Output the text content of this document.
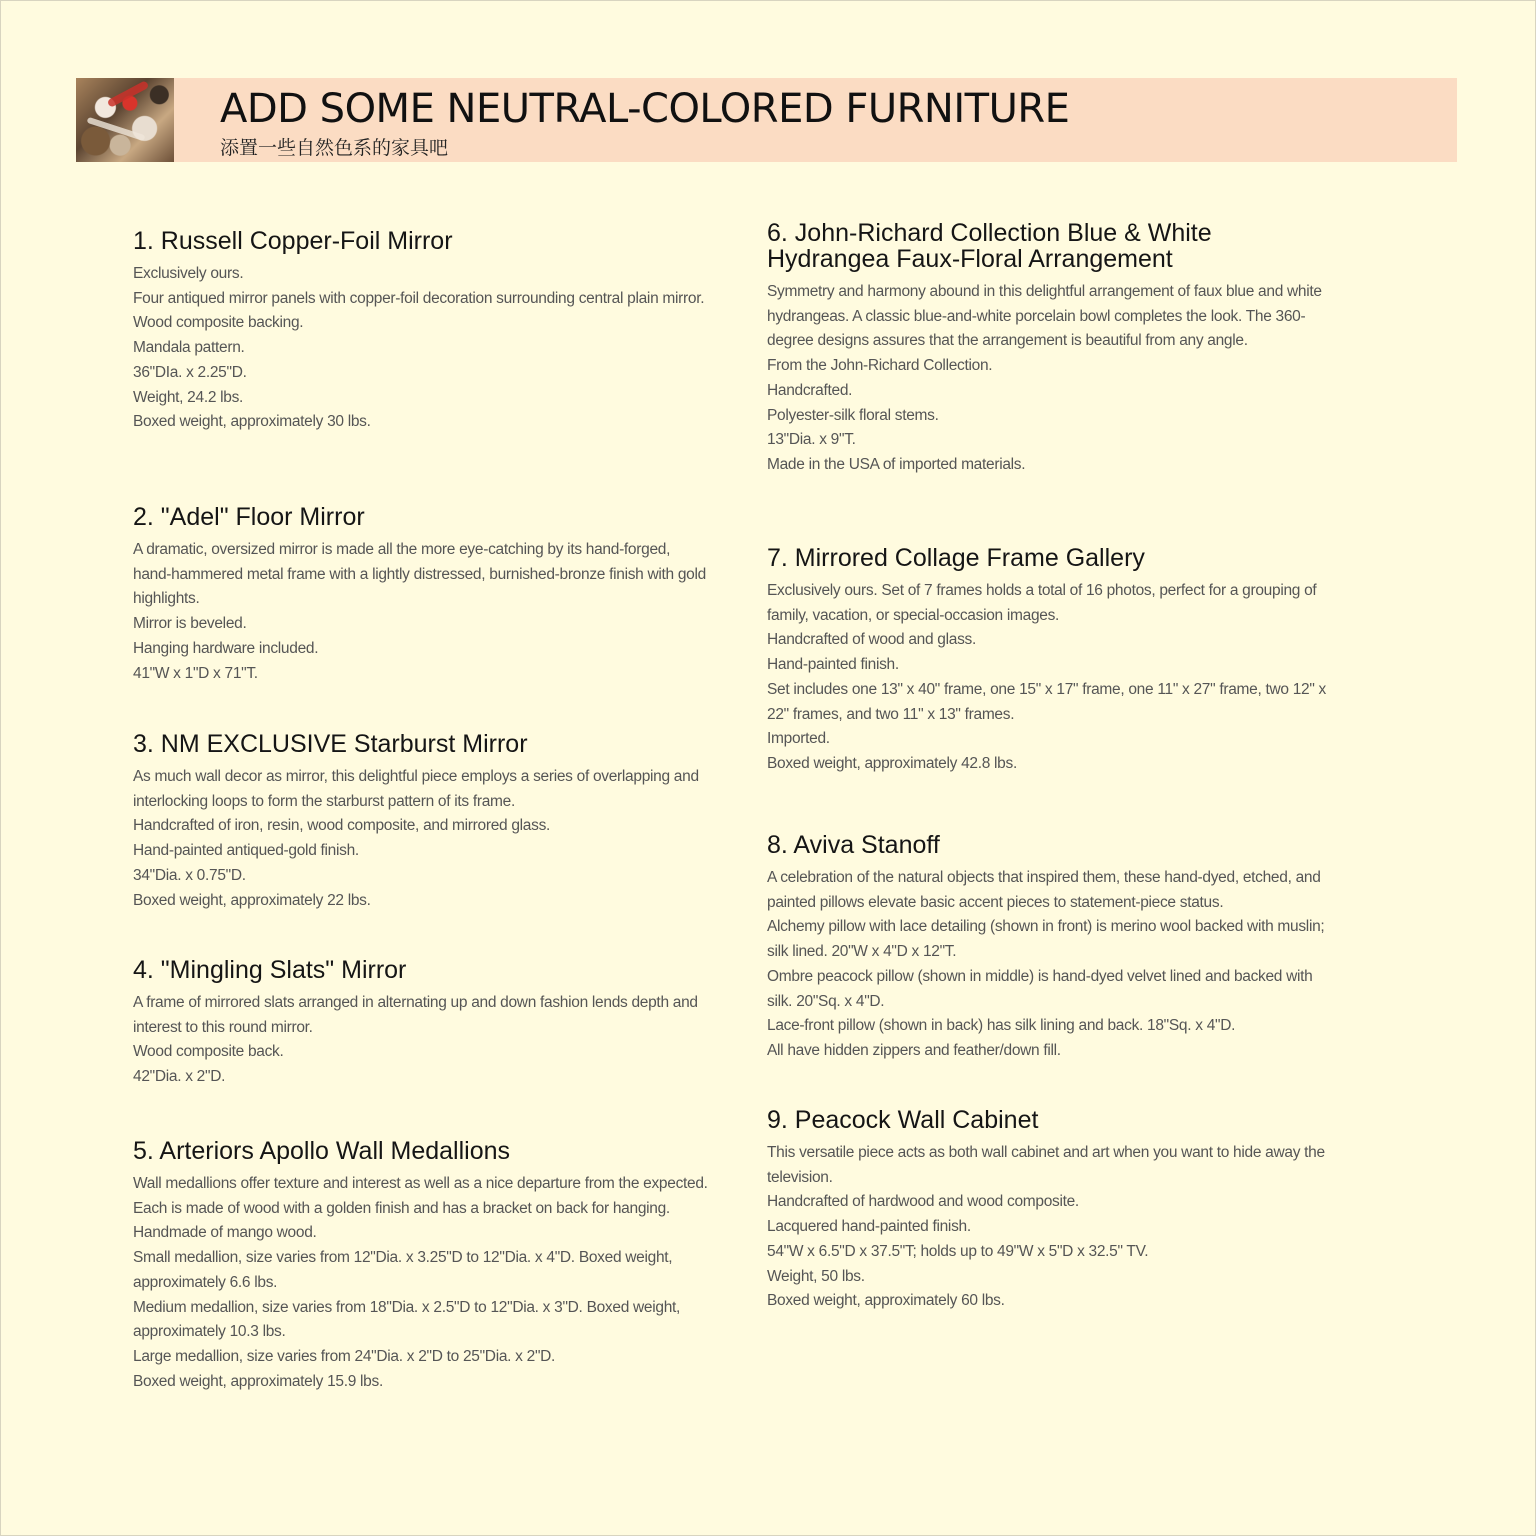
ADD SOME NEUTRAL-COLORED FURNITURE
添置一些自然色系的家具吧
1. Russell Copper-Foil Mirror
Exclusively ours.
Four antiqued mirror panels with copper-foil decoration surrounding central plain mirror.
Wood composite backing.
Mandala pattern.
36"DIa. x 2.25"D.
Weight, 24.2 lbs.
Boxed weight, approximately 30 lbs.
2. "Adel" Floor Mirror
A dramatic, oversized mirror is made all the more eye-catching by its hand-forged, hand-hammered metal frame with a lightly distressed, burnished-bronze finish with gold highlights.
Mirror is beveled.
Hanging hardware included.
41"W x 1"D x 71"T.
3. NM EXCLUSIVE Starburst Mirror
As much wall decor as mirror, this delightful piece employs a series of overlapping and interlocking loops to form the starburst pattern of its frame.
Handcrafted of iron, resin, wood composite, and mirrored glass.
Hand-painted antiqued-gold finish.
34"Dia. x 0.75"D.
Boxed weight, approximately 22 lbs.
4. "Mingling Slats" Mirror
A frame of mirrored slats arranged in alternating up and down fashion lends depth and interest to this round mirror.
Wood composite back.
42"Dia. x 2"D.
5. Arteriors Apollo Wall Medallions
Wall medallions offer texture and interest as well as a nice departure from the expected. Each is made of wood with a golden finish and has a bracket on back for hanging.
Handmade of mango wood.
Small medallion, size varies from 12"Dia. x 3.25"D to 12"Dia. x 4"D. Boxed weight, approximately 6.6 lbs.
Medium medallion, size varies from 18"Dia. x 2.5"D to 12"Dia. x 3"D. Boxed weight, approximately 10.3 lbs.
Large medallion, size varies from 24"Dia. x 2"D to 25"Dia. x 2"D.
Boxed weight, approximately 15.9 lbs.
6. John-Richard Collection Blue & White Hydrangea Faux-Floral Arrangement
Symmetry and harmony abound in this delightful arrangement of faux blue and white hydrangeas. A classic blue-and-white porcelain bowl completes the look. The 360-degree designs assures that the arrangement is beautiful from any angle.
From the John-Richard Collection.
Handcrafted.
Polyester-silk floral stems.
13"Dia. x 9"T.
Made in the USA of imported materials.
7. Mirrored Collage Frame Gallery
Exclusively ours. Set of 7 frames holds a total of 16 photos, perfect for a grouping of family, vacation, or special-occasion images.
Handcrafted of wood and glass.
Hand-painted finish.
Set includes one 13" x 40" frame, one 15" x 17" frame, one 11" x 27" frame, two 12" x 22" frames, and two 11" x 13" frames.
Imported.
Boxed weight, approximately 42.8 lbs.
8. Aviva Stanoff
A celebration of the natural objects that inspired them, these hand-dyed, etched, and painted pillows elevate basic accent pieces to statement-piece status.
Alchemy pillow with lace detailing (shown in front) is merino wool backed with muslin; silk lined. 20"W x 4"D x 12"T.
Ombre peacock pillow (shown in middle) is hand-dyed velvet lined and backed with silk. 20"Sq. x 4"D.
Lace-front pillow (shown in back) has silk lining and back. 18"Sq. x 4"D.
All have hidden zippers and feather/down fill.
9. Peacock Wall Cabinet
This versatile piece acts as both wall cabinet and art when you want to hide away the television.
Handcrafted of hardwood and wood composite.
Lacquered hand-painted finish.
54"W x 6.5"D x 37.5"T; holds up to 49"W x 5"D x 32.5" TV.
Weight, 50 lbs.
Boxed weight, approximately 60 lbs.
